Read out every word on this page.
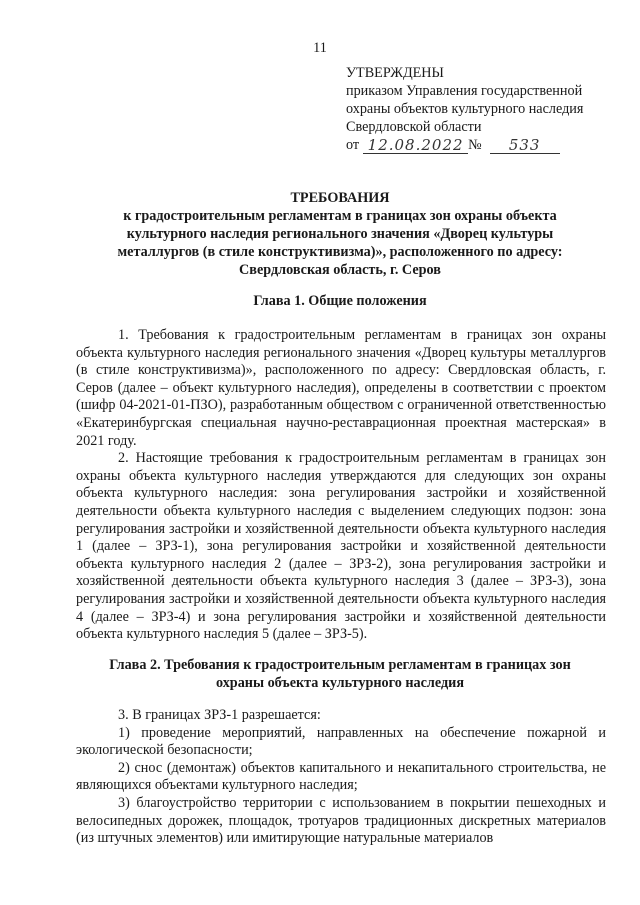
11
УТВЕРЖДЕНЫ
приказом Управления государственной
охраны объектов культурного наследия
Свердловской области
от 12.08.2022 №	533
ТРЕБОВАНИЯ
к градостроительным регламентам в границах зон охраны объекта
культурного наследия регионального значения «Дворец культуры
металлургов (в стиле конструктивизма)», расположенного по адресу:
Свердловская область, г. Серов
Глава 1. Общие положения

1. Требования к градостроительным регламентам в границах зон охраны объекта культурного наследия регионального значения «Дворец культуры металлургов (в стиле конструктивизма)», расположенного по адресу: Свердловская область, г. Серов (далее – объект культурного наследия), определены в соответствии с проектом (шифр 04-2021-01-ПЗО), разработанным обществом с ограниченной ответственностью «Екатеринбургская специальная научно-реставрационная проектная мастерская» в 2021 году.

2. Настоящие требования к градостроительным регламентам в границах зон охраны объекта культурного наследия утверждаются для следующих зон охраны объекта культурного наследия: зона регулирования застройки и хозяйственной деятельности объекта культурного наследия с выделением следующих подзон: зона регулирования застройки и хозяйственной деятельности объекта культурного наследия 1 (далее – ЗРЗ-1), зона регулирования застройки и хозяйственной деятельности объекта культурного наследия 2 (далее – ЗРЗ-2), зона регулирования застройки и хозяйственной деятельности объекта культурного наследия 3 (далее – ЗРЗ-3), зона регулирования застройки и хозяйственной деятельности объекта культурного наследия 4 (далее – ЗРЗ-4) и зона регулирования застройки и хозяйственной деятельности объекта культурного наследия 5 (далее – ЗРЗ-5).

Глава 2. Требования к градостроительным регламентам в границах зон
охраны объекта культурного наследия

3. В границах ЗРЗ-1 разрешается:

1) проведение мероприятий, направленных на обеспечение пожарной и экологической безопасности;

2) снос (демонтаж) объектов капитального и некапитального строительства, не являющихся объектами культурного наследия;

3) благоустройство территории с использованием в покрытии пешеходных и велосипедных дорожек, площадок, тротуаров традиционных дискретных материалов (из штучных элементов) или имитирующие натуральные материалов
